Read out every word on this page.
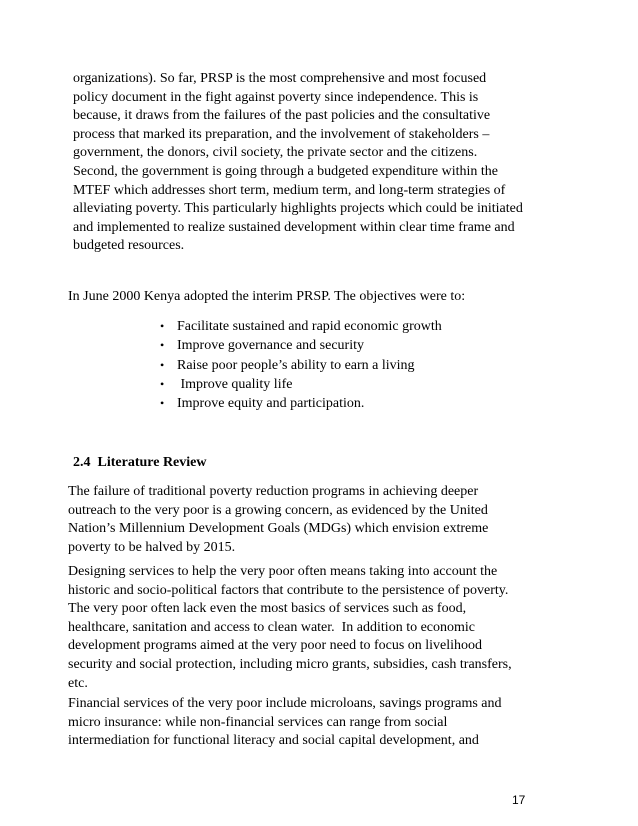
organizations). So far, PRSP is the most comprehensive and most focused
policy document in the fight against poverty since independence. This is
because, it draws from the failures of the past policies and the consultative
process that marked its preparation, and the involvement of stakeholders –
government, the donors, civil society, the private sector and the citizens.
Second, the government is going through a budgeted expenditure within the
MTEF which addresses short term, medium term, and long-term strategies of
alleviating poverty. This particularly highlights projects which could be initiated
and implemented to realize sustained development within clear time frame and
budgeted resources.
In June 2000 Kenya adopted the interim PRSP. The objectives were to:
• Facilitate sustained and rapid economic growth
• Improve governance and security
• Raise poor people’s ability to earn a living
• Improve quality life
• Improve equity and participation.
2.4 Literature Review
The failure of traditional poverty reduction programs in achieving deeper
outreach to the very poor is a growing concern, as evidenced by the United
Nation’s Millennium Development Goals (MDGs) which envision extreme
poverty to be halved by 2015.
Designing services to help the very poor often means taking into account the
historic and socio-political factors that contribute to the persistence of poverty.
The very poor often lack even the most basics of services such as food,
healthcare, sanitation and access to clean water.  In addition to economic
development programs aimed at the very poor need to focus on livelihood
security and social protection, including micro grants, subsidies, cash transfers,
etc.
Financial services of the very poor include microloans, savings programs and
micro insurance: while non-financial services can range from social
intermediation for functional literacy and social capital development, and
17
